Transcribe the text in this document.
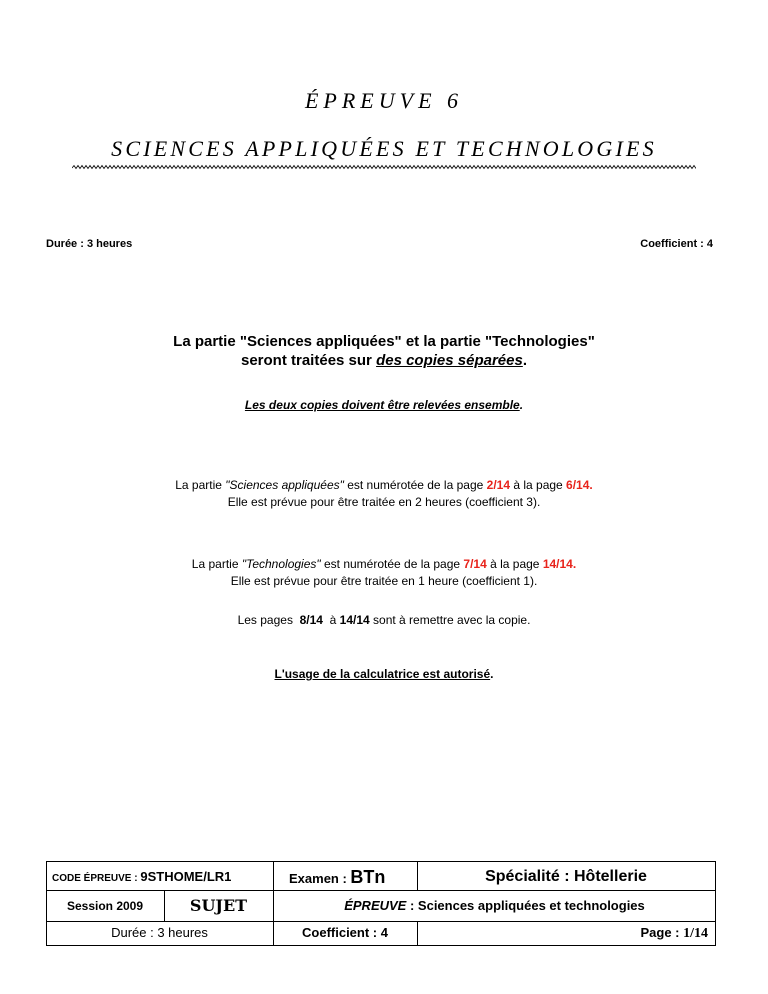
ÉPREUVE 6
SCIENCES APPLIQUÉES ET TECHNOLOGIES
Durée : 3 heures	Coefficient : 4
La partie "Sciences appliquées" et la partie "Technologies"
seront traitées sur des copies séparées.
Les deux copies doivent être relevées ensemble.
La partie "Sciences appliquées" est numérotée de la page 2/14 à la page 6/14.
Elle est prévue pour être traitée en 2 heures (coefficient 3).
La partie "Technologies" est numérotée de la page 7/14 à la page 14/14.
Elle est prévue pour être traitée en 1 heure (coefficient 1).
Les pages  8/14  à 14/14 sont à remettre avec la copie.
L'usage de la calculatrice est autorisé.
CODE ÉPREUVE : 9STHOME/LR1	Examen : BTn	Spécialité : Hôtellerie
Session 2009	SUJET	ÉPREUVE : Sciences appliquées et technologies
Durée : 3 heures	Coefficient : 4	Page : 1/14
